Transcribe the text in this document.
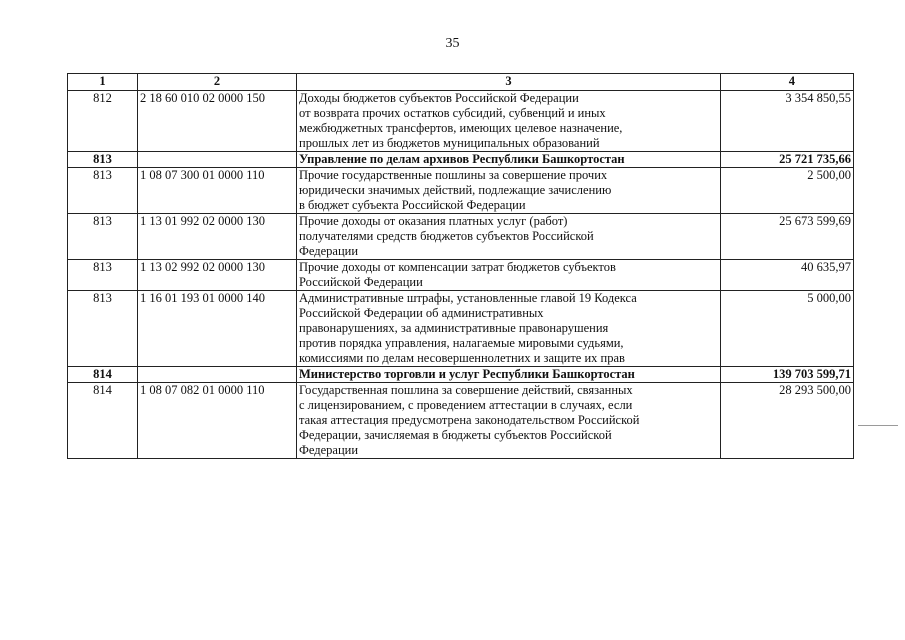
35
1	2	3	4
812	2 18 60 010 02 0000 150	Доходы бюджетов субъектов Российской Федерации
от возврата прочих остатков субсидий, субвенций и иных
межбюджетных трансфертов, имеющих целевое назначение,
прошлых лет из бюджетов муниципальных образований	3 354 850,55
813		Управление по делам архивов Республики Башкортостан	25 721 735,66
813	1 08 07 300 01 0000 110	Прочие государственные пошлины за совершение прочих
юридически значимых действий, подлежащие зачислению
в бюджет субъекта Российской Федерации	2 500,00
813	1 13 01 992 02 0000 130	Прочие доходы от оказания платных услуг (работ)
получателями средств бюджетов субъектов Российской
Федерации	25 673 599,69
813	1 13 02 992 02 0000 130	Прочие доходы от компенсации затрат бюджетов субъектов
Российской Федерации	40 635,97
813	1 16 01 193 01 0000 140	Административные штрафы, установленные главой 19 Кодекса
Российской Федерации об административных
правонарушениях, за административные правонарушения
против порядка управления, налагаемые мировыми судьями,
комиссиями по делам несовершеннолетних и защите их прав	5 000,00
814		Министерство торговли и услуг Республики Башкортостан	139 703 599,71
814	1 08 07 082 01 0000 110	Государственная пошлина за совершение действий, связанных
с лицензированием, с проведением аттестации в случаях, если
такая аттестация предусмотрена законодательством Российской
Федерации, зачисляемая в бюджеты субъектов Российской
Федерации	28 293 500,00
